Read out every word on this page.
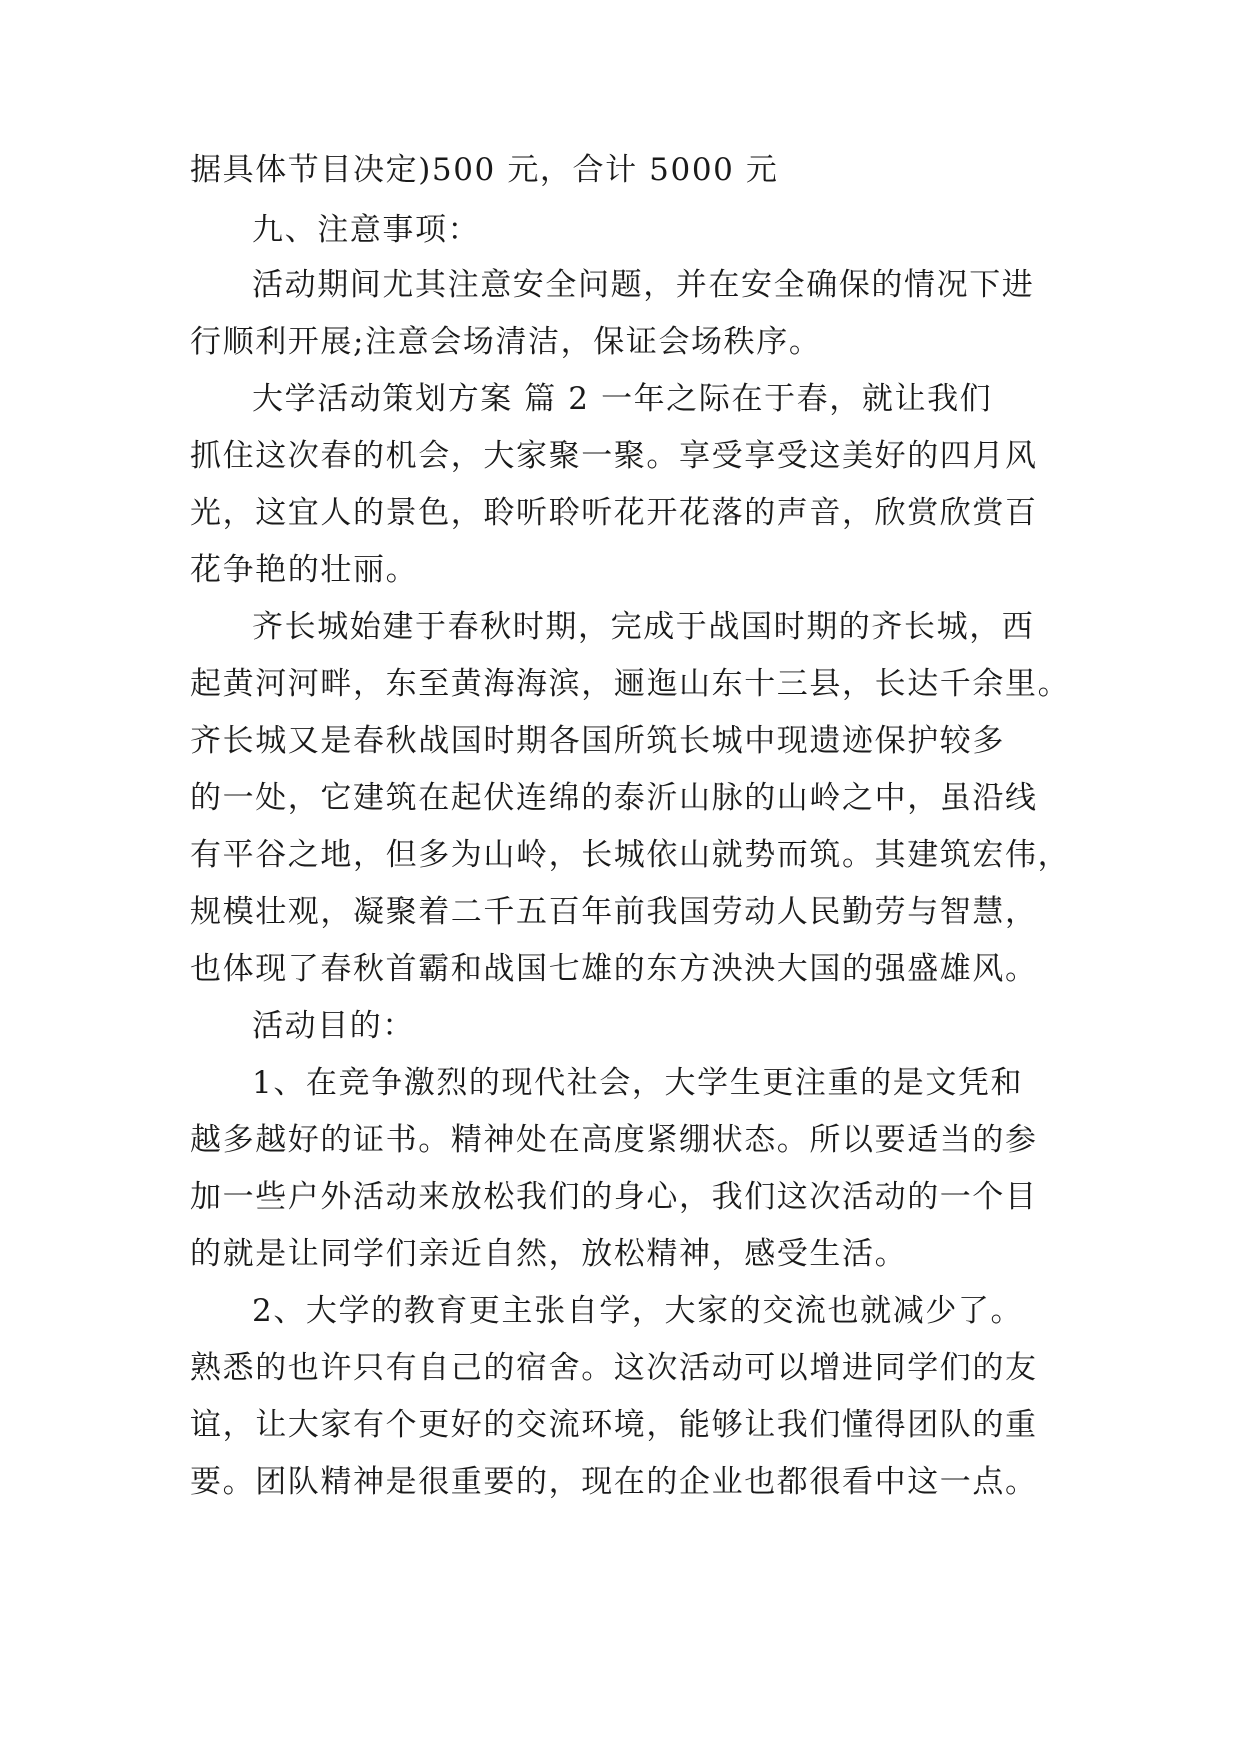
据具体节目决定)500 元，合计 5000 元
九、注意事项：
活动期间尤其注意安全问题，并在安全确保的情况下进
行顺利开展;注意会场清洁，保证会场秩序。
大学活动策划方案 篇 2 一年之际在于春，就让我们
抓住这次春的机会，大家聚一聚。享受享受这美好的四月风
光，这宜人的景色，聆听聆听花开花落的声音，欣赏欣赏百
花争艳的壮丽。
齐长城始建于春秋时期，完成于战国时期的齐长城，西
起黄河河畔，东至黄海海滨，逦迤山东十三县，长达千余里。
齐长城又是春秋战国时期各国所筑长城中现遗迹保护较多
的一处，它建筑在起伏连绵的泰沂山脉的山岭之中，虽沿线
有平谷之地，但多为山岭，长城依山就势而筑。其建筑宏伟，
规模壮观，凝聚着二千五百年前我国劳动人民勤劳与智慧，
也体现了春秋首霸和战国七雄的东方泱泱大国的强盛雄风。
活动目的：
1、在竞争激烈的现代社会，大学生更注重的是文凭和
越多越好的证书。精神处在高度紧绷状态。所以要适当的参
加一些户外活动来放松我们的身心，我们这次活动的一个目
的就是让同学们亲近自然，放松精神，感受生活。
2、大学的教育更主张自学，大家的交流也就减少了。
熟悉的也许只有自己的宿舍。这次活动可以增进同学们的友
谊，让大家有个更好的交流环境，能够让我们懂得团队的重
要。团队精神是很重要的，现在的企业也都很看中这一点。
